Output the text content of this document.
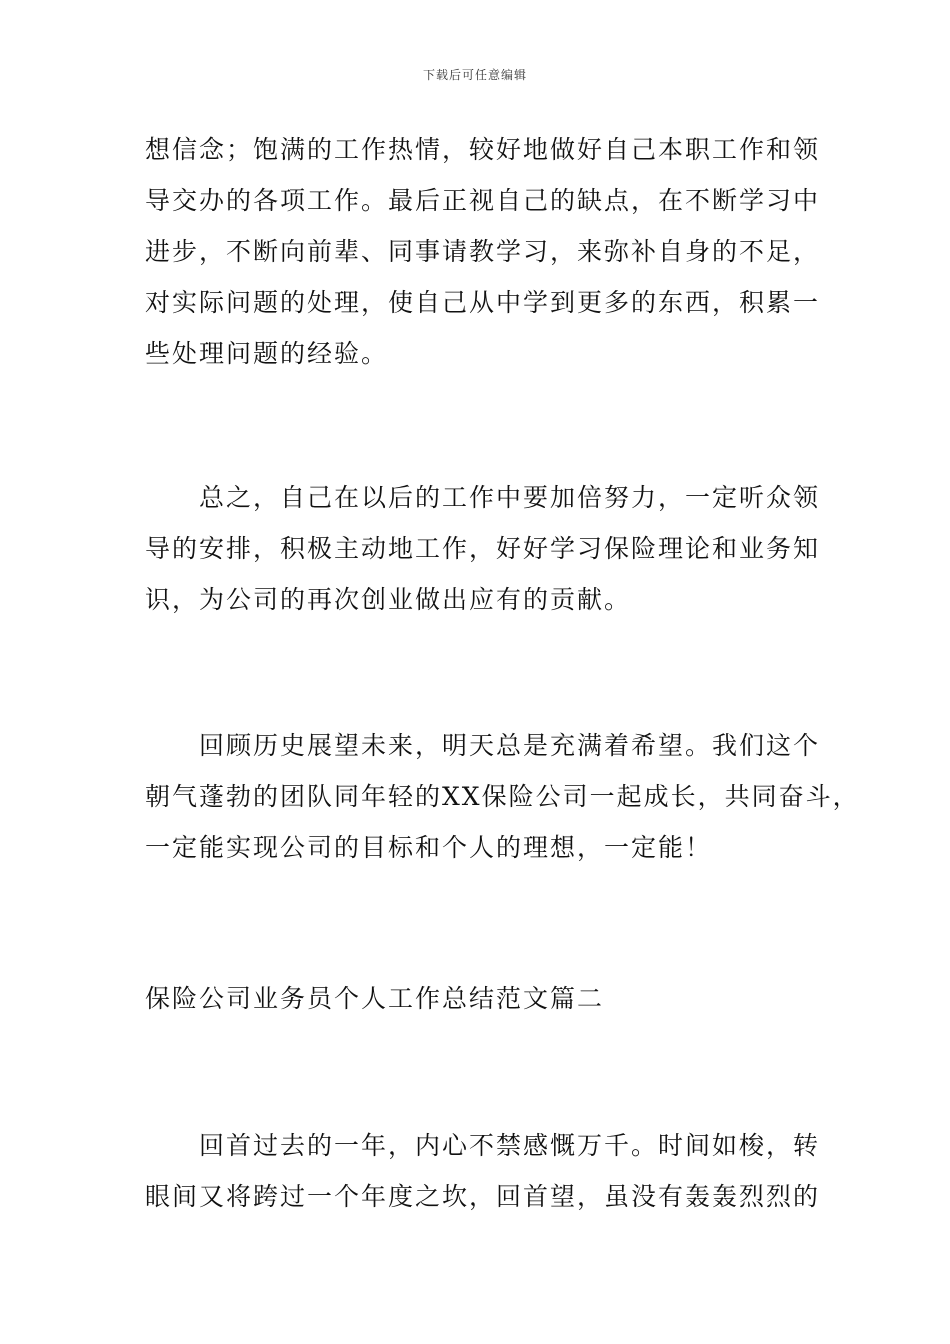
下载后可任意编辑
想信念；饱满的工作热情，较好地做好自己本职工作和领
导交办的各项工作。最后正视自己的缺点，在不断学习中
进步，不断向前辈、同事请教学习，来弥补自身的不足，
对实际问题的处理，使自己从中学到更多的东西，积累一
些处理问题的经验。
总之，自己在以后的工作中要加倍努力，一定听众领
导的安排，积极主动地工作，好好学习保险理论和业务知
识，为公司的再次创业做出应有的贡献。
回顾历史展望未来，明天总是充满着希望。我们这个
朝气蓬勃的团队同年轻的XX保险公司一起成长，共同奋斗，
一定能实现公司的目标和个人的理想，一定能！
保险公司业务员个人工作总结范文篇二
回首过去的一年，内心不禁感慨万千。时间如梭，转
眼间又将跨过一个年度之坎，回首望，虽没有轰轰烈烈的
